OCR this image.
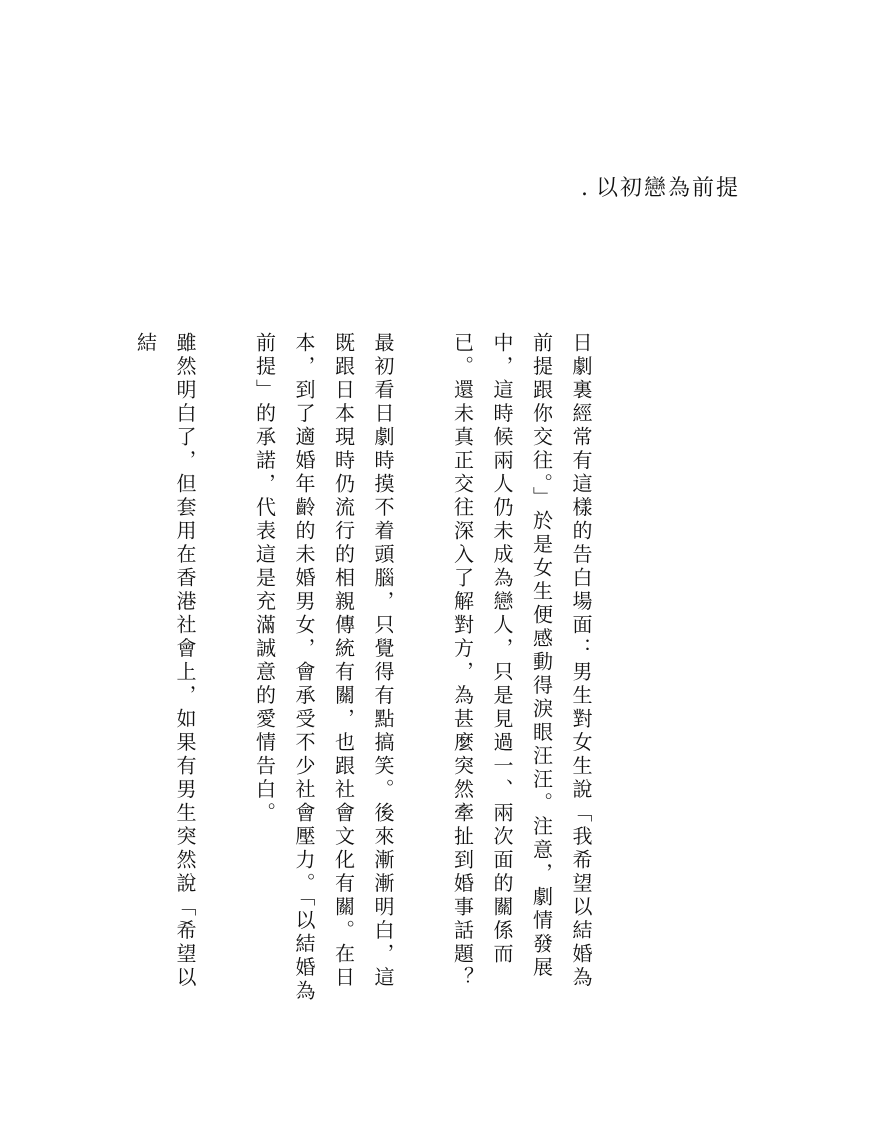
. 以初戀為前提

日劇裏經常有這樣的告白場面：男生對女生說「我希望以結婚為前提跟你交往。」於是女生便感動得淚眼汪汪。注意，劇情發展中，這時候兩人仍未成為戀人，只是見過一、兩次面的關係而已。還未真正交往深入了解對方，為甚麼突然牽扯到婚事話題？

最初看日劇時摸不着頭腦，只覺得有點搞笑。後來漸漸明白，這既跟日本現時仍流行的相親傳統有關，也跟社會文化有關。在日本，到了適婚年齡的未婚男女，會承受不少社會壓力。「以結婚為前提」的承諾，代表這是充滿誠意的愛情告白。

雖然明白了，但套用在香港社會上，如果有男生突然說「希望以結
